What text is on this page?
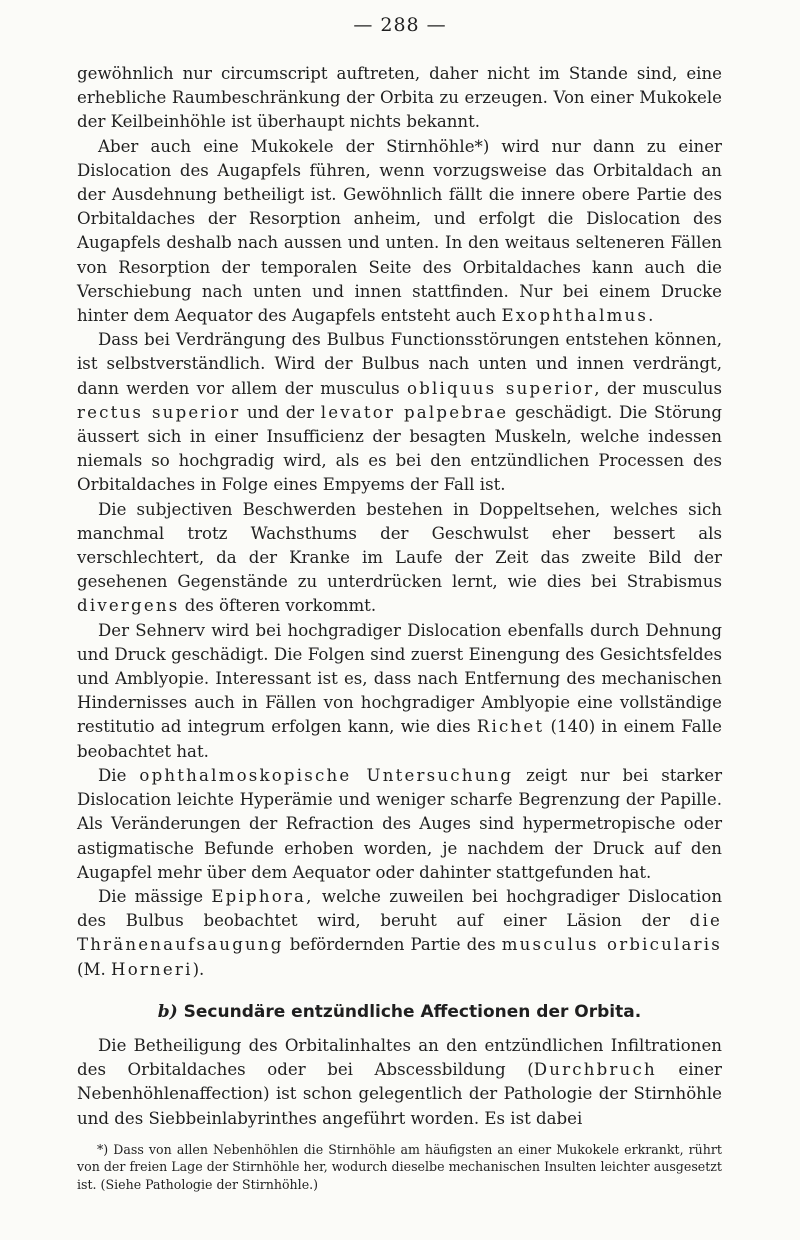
— 288 —

gewöhnlich nur circumscript auftreten, daher nicht im Stande sind, eine erhebliche Raumbeschränkung der Orbita zu erzeugen. Von einer Mukokele der Keilbeinhöhle ist überhaupt nichts bekannt.

Aber auch eine Mukokele der Stirnhöhle*) wird nur dann zu einer Dislocation des Augapfels führen, wenn vorzugsweise das Orbitaldach an der Ausdehnung betheiligt ist. Gewöhnlich fällt die innere obere Partie des Orbitaldaches der Resorption anheim, und erfolgt die Dislocation des Augapfels deshalb nach aussen und unten. In den weitaus selteneren Fällen von Resorption der temporalen Seite des Orbitaldaches kann auch die Verschiebung nach unten und innen stattfinden. Nur bei einem Drucke hinter dem Aequator des Augapfels entsteht auch Exophthalmus.

Dass bei Verdrängung des Bulbus Functionsstörungen entstehen können, ist selbstverständlich. Wird der Bulbus nach unten und innen verdrängt, dann werden vor allem der musculus obliquus superior, der musculus rectus superior und der levator palpebrae geschädigt. Die Störung äussert sich in einer Insufficienz der besagten Muskeln, welche indessen niemals so hochgradig wird, als es bei den entzündlichen Processen des Orbitaldaches in Folge eines Empyems der Fall ist.

Die subjectiven Beschwerden bestehen in Doppeltsehen, welches sich manchmal trotz Wachsthums der Geschwulst eher bessert als verschlechtert, da der Kranke im Laufe der Zeit das zweite Bild der gesehenen Gegenstände zu unterdrücken lernt, wie dies bei Strabismus divergens des öfteren vorkommt.

Der Sehnerv wird bei hochgradiger Dislocation ebenfalls durch Dehnung und Druck geschädigt. Die Folgen sind zuerst Einengung des Gesichtsfeldes und Amblyopie. Interessant ist es, dass nach Entfernung des mechanischen Hindernisses auch in Fällen von hochgradiger Amblyopie eine vollständige restitutio ad integrum erfolgen kann, wie dies Richet (140) in einem Falle beobachtet hat.

Die ophthalmoskopische Untersuchung zeigt nur bei starker Dislocation leichte Hyperämie und weniger scharfe Begrenzung der Papille. Als Veränderungen der Refraction des Auges sind hypermetropische oder astigmatische Befunde erhoben worden, je nachdem der Druck auf den Augapfel mehr über dem Aequator oder dahinter stattgefunden hat.

Die mässige Epiphora, welche zuweilen bei hochgradiger Dislocation des Bulbus beobachtet wird, beruht auf einer Läsion der die Thränenaufsaugung befördernden Partie des musculus orbicularis (M. Horneri).

b) Secundäre entzündliche Affectionen der Orbita.

Die Betheiligung des Orbitalinhaltes an den entzündlichen Infiltrationen des Orbitaldaches oder bei Abscessbildung (Durchbruch einer Nebenhöhlenaffection) ist schon gelegentlich der Pathologie der Stirnhöhle und des Siebbeinlabyrinthes angeführt worden. Es ist dabei

*) Dass von allen Nebenhöhlen die Stirnhöhle am häufigsten an einer Mukokele erkrankt, rührt von der freien Lage der Stirnhöhle her, wodurch dieselbe mechanischen Insulten leichter ausgesetzt ist. (Siehe Pathologie der Stirnhöhle.)
